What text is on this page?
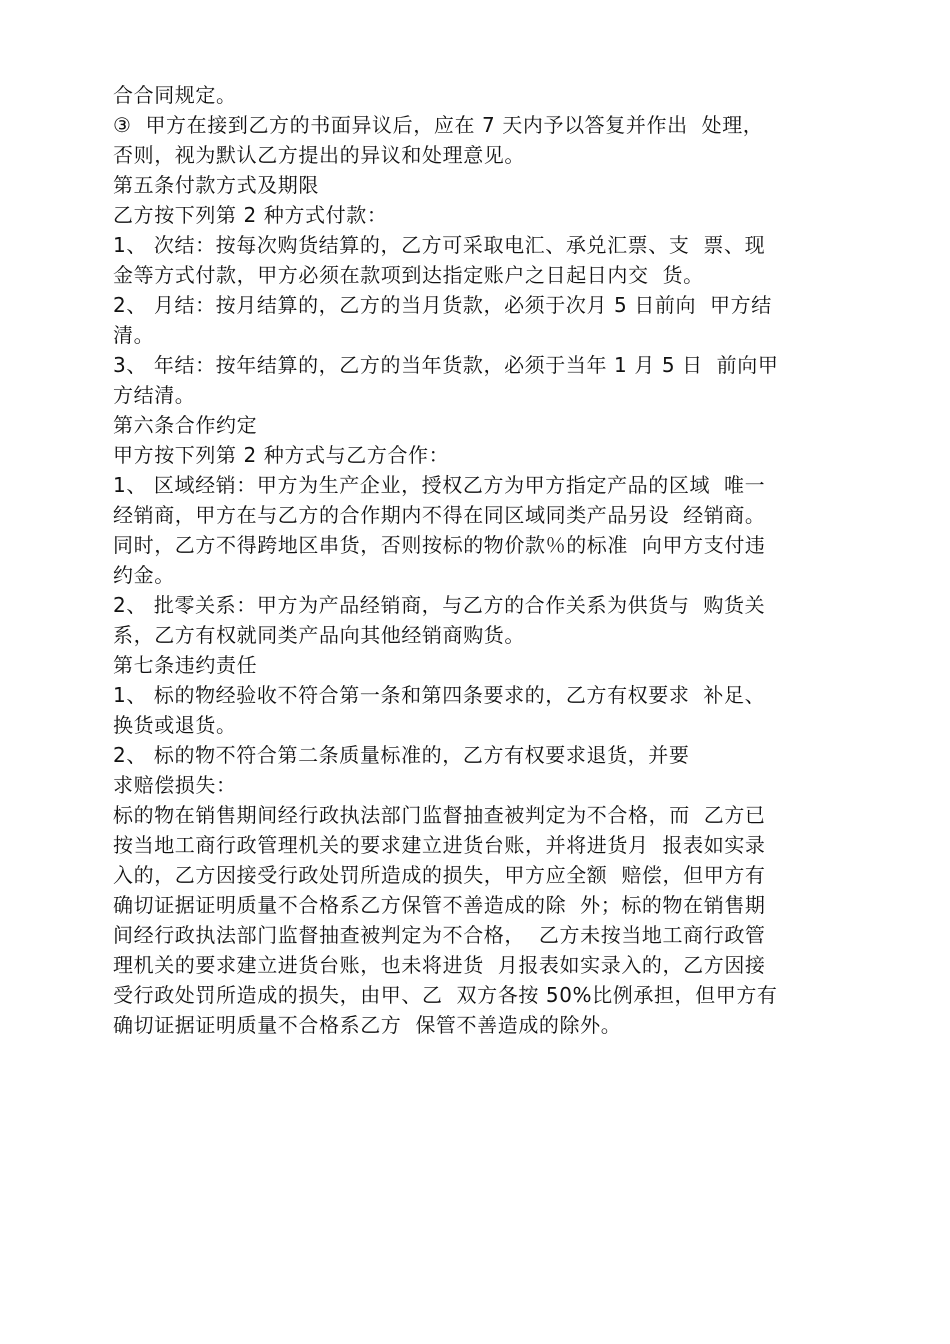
合合同规定。
③  甲方在接到乙方的书面异议后，应在 7 天内予以答复并作出  处理，
否则，视为默认乙方提出的异议和处理意见。
第五条付款方式及期限
乙方按下列第 2 种方式付款：
1、 次结：按每次购货结算的，乙方可采取电汇、承兑汇票、支  票、现
金等方式付款，甲方必须在款项到达指定账户之日起日内交  货。
2、 月结：按月结算的，乙方的当月货款，必须于次月 5 日前向  甲方结
清。
3、 年结：按年结算的，乙方的当年货款，必须于当年 1 月 5 日  前向甲
方结清。
第六条合作约定
甲方按下列第 2 种方式与乙方合作：
1、 区域经销：甲方为生产企业，授权乙方为甲方指定产品的区域  唯一
经销商，甲方在与乙方的合作期内不得在同区域同类产品另设  经销商。
同时，乙方不得跨地区串货，否则按标的物价款％的标准  向甲方支付违
约金。
2、 批零关系：甲方为产品经销商，与乙方的合作关系为供货与  购货关
系，乙方有权就同类产品向其他经销商购货。
第七条违约责任
1、 标的物经验收不符合第一条和第四条要求的，乙方有权要求  补足、
换货或退货。
2、 标的物不符合第二条质量标准的，乙方有权要求退货，并要
求赔偿损失：
标的物在销售期间经行政执法部门监督抽查被判定为不合格，而  乙方已
按当地工商行政管理机关的要求建立进货台账，并将进货月  报表如实录
入的，乙方因接受行政处罚所造成的损失，甲方应全额  赔偿，但甲方有
确切证据证明质量不合格系乙方保管不善造成的除  外；标的物在销售期
间经行政执法部门监督抽查被判定为不合格，  乙方未按当地工商行政管
理机关的要求建立进货台账，也未将进货  月报表如实录入的，乙方因接
受行政处罚所造成的损失，由甲、乙  双方各按 50%比例承担，但甲方有
确切证据证明质量不合格系乙方  保管不善造成的除外。
